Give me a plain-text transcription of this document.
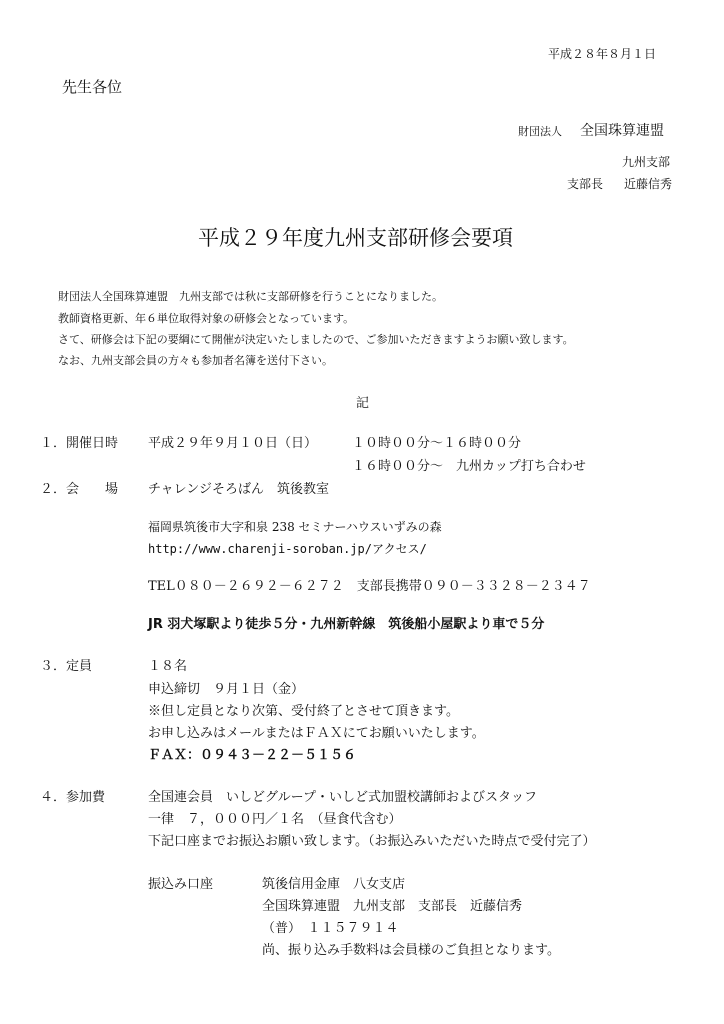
平成２８年８月１日
先生各位
財団法人 全国珠算連盟
九州支部
支部長 近藤信秀
平成２９年度九州支部研修会要項
財団法人全国珠算連盟　九州支部では秋に支部研修を行うことになりました。
教師資格更新、年６単位取得対象の研修会となっています。
さて、研修会は下記の要綱にて開催が決定いたしましたので、ご参加いただきますようお願い致します。
なお、九州支部会員の方々も参加者名簿を送付下さい。
記
１．開催日時 平成２９年９月１０日（日）	１０時００分～１６時００分
１６時００分～　九州カップ打ち合わせ
２．会　　場 チャレンジそろばん　筑後教室
福岡県筑後市大字和泉 238 セミナーハウスいずみの森
http://www.charenji-soroban.jp/アクセス/
TEL０８０－２６９２－６２７２　支部長携帯０９０－３３２８－２３４７
JR 羽犬塚駅より徒歩５分・九州新幹線　筑後船小屋駅より車で５分
３．定員	１８名
申込締切　９月１日（金）
※但し定員となり次第、受付終了とさせて頂きます。
お申し込みはメールまたはＦＡＸにてお願いいたします。
ＦＡＸ：０９４３－２２－５１５６
４．参加費	全国連会員　いしどグループ・いしど式加盟校講師およびスタッフ
一律　７，０００円／１名　（昼食代含む）
下記口座までお振込お願い致します。（お振込みいただいた時点で受付完了）
振込み口座	筑後信用金庫　八女支店
全国珠算連盟　九州支部　支部長　近藤信秀
（普）　１１５７９１４
尚、振り込み手数料は会員様のご負担となります。
